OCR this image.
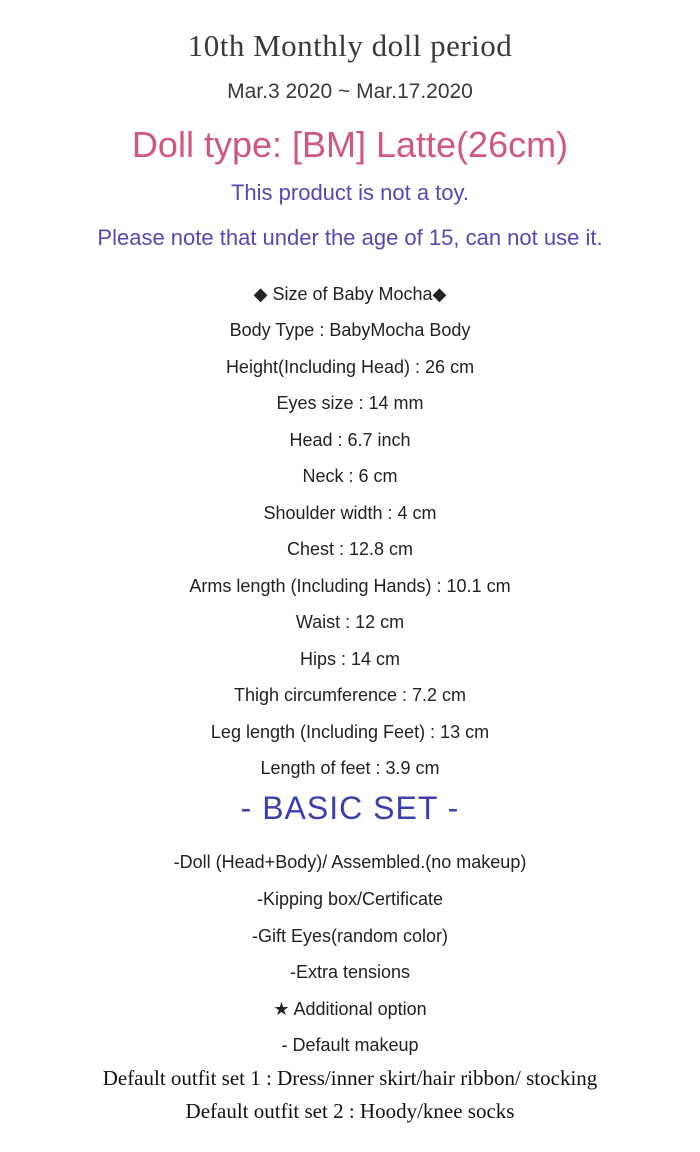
10th Monthly doll period
Mar.3 2020 ~ Mar.17.2020
Doll type: [BM] Latte(26cm)
This product is not a toy.
Please note that under the age of 15, can not use it.
◆ Size of Baby Mocha◆
Body Type : BabyMocha Body
Height(Including Head) : 26 cm
Eyes size : 14 mm
Head : 6.7 inch
Neck : 6 cm
Shoulder width : 4 cm
Chest : 12.8 cm
Arms length (Including Hands) : 10.1 cm
Waist : 12 cm
Hips : 14 cm
Thigh circumference : 7.2 cm
Leg length (Including Feet) : 13 cm
Length of feet : 3.9 cm
- BASIC SET -
-Doll (Head+Body)/ Assembled.(no makeup)
-Kipping box/Certificate
-Gift Eyes(random color)
-Extra tensions
★ Additional option
- Default makeup
Default outfit set 1 : Dress/inner skirt/hair ribbon/ stocking
Default outfit set 2 : Hoody/knee socks
